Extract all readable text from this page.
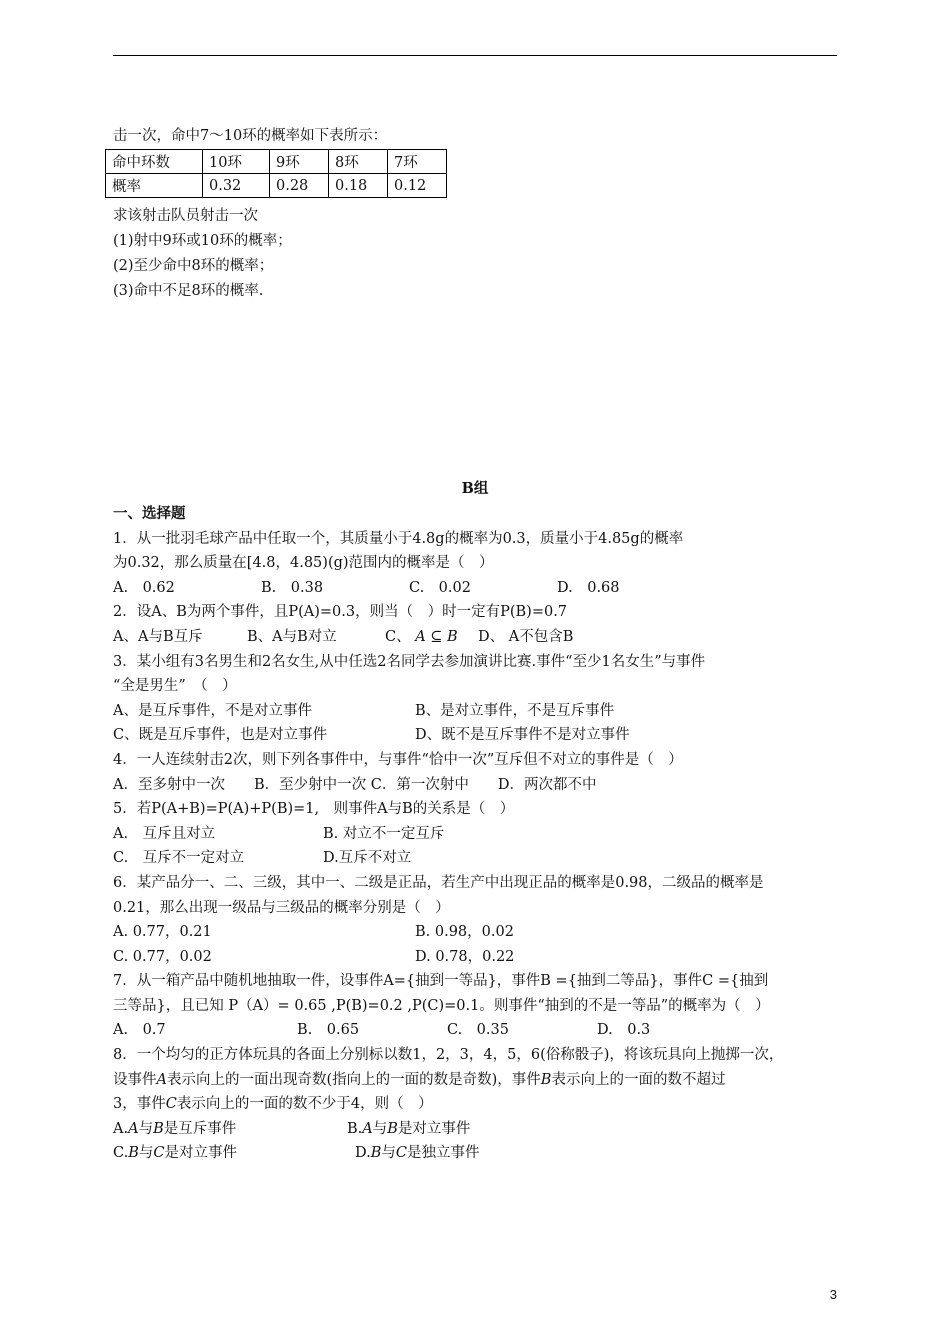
击一次，命中7～10环的概率如下表所示：
命中环数	10环	9环	8环	7环
概率	0.32	0.28	0.18	0.12
求该射击队员射击一次
(1)射中9环或10环的概率；
(2)至少命中8环的概率；
(3)命中不足8环的概率.
B组
一、选择题
1．从一批羽毛球产品中任取一个，其质量小于4.8g的概率为0.3，质量小于4.85g的概率
为0.32，那么质量在[4.8，4.85)(g)范围内的概率是（　）
A.　0.62	B.　0.38	C.　0.02	D.　0.68
2．设A、B为两个事件，且P(A)=0.3，则当（　）时一定有P(B)=0.7
A、A与B互斥	B、A与B对立	C、 A ⊆ B D、 A不包含B
3．某小组有3名男生和2名女生,从中任选2名同学去参加演讲比赛.事件“至少1名女生”与事件
“全是男生”　（　）
A、是互斥事件，不是对立事件	B、是对立事件，不是互斥事件
C、既是互斥事件，也是对立事件	D、既不是互斥事件不是对立事件
4．一人连续射击2次，则下列各事件中，与事件“恰中一次”互斥但不对立的事件是（　）
A．至多射中一次　　B．至少射中一次 C．第一次射中　　D．两次都不中
5．若P(A+B)=P(A)+P(B)=1,　则事件A与B的关系是（　）
A.　互斥且对立	B. 对立不一定互斥
C.　互斥不一定对立	D.互斥不对立
6．某产品分一、二、三级，其中一、二级是正品，若生产中出现正品的概率是0.98，二级品的概率是
0.21，那么出现一级品与三级品的概率分别是（　）
A. 0.77，0.21	B. 0.98，0.02
C. 0.77，0.02	D. 0.78，0.22
7．从一箱产品中随机地抽取一件，设事件A={抽到一等品}，事件B ={抽到二等品}，事件C ={抽到
三等品}，且已知 P（A）= 0.65 ,P(B)=0.2 ,P(C)=0.1。则事件“抽到的不是一等品”的概率为（　）
A.　0.7	B.　0.65	C.　0.35	D.　0.3
8．一个均匀的正方体玩具的各面上分别标以数1，2，3，4，5，6(俗称骰子)，将该玩具向上抛掷一次，
设事件A表示向上的一面出现奇数(指向上的一面的数是奇数)，事件B表示向上的一面的数不超过
3，事件C表示向上的一面的数不少于4，则（　）
A.A与B是互斥事件	B.A与B是对立事件
C.B与C是对立事件	D.B与C是独立事件
3
